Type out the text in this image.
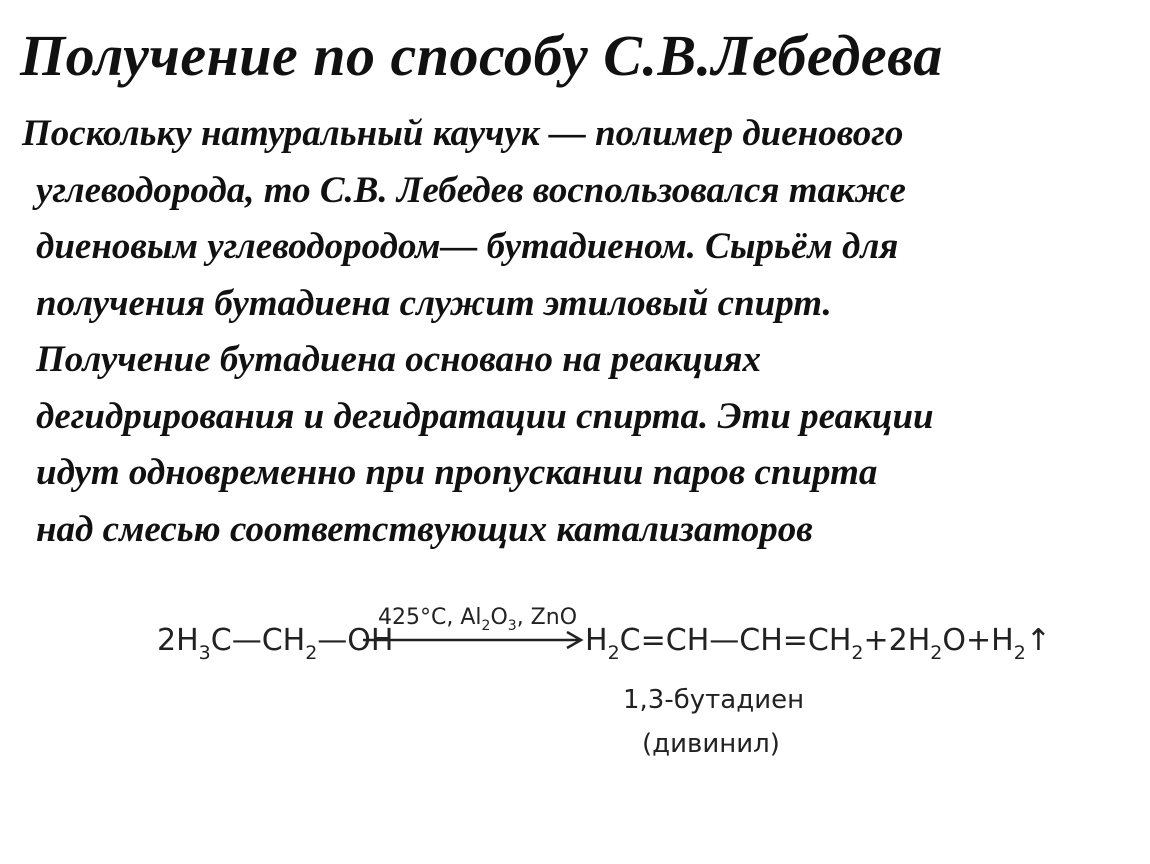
Получение по способу С.В.Лебедева
Поскольку натуральный каучук — полимер диенового
углеводорода, то С.В. Лебедев воспользовался также
диеновым углеводородом— бутадиеном. Сырьём для
получения бутадиена служит этиловый спирт.
Получение бутадиена основано на реакциях
дегидрирования и дегидратации спирта. Эти реакции
идут одновременно при пропускании паров спирта
над смесью соответствующих катализаторов
$2H_3C—CH_2—OH$
425°C, $Al_2O_3$, ZnO
$H_2C=CH—CH=CH_2+2H_2O+H_2↑$
1,3-бутадиен
(дивинил)
